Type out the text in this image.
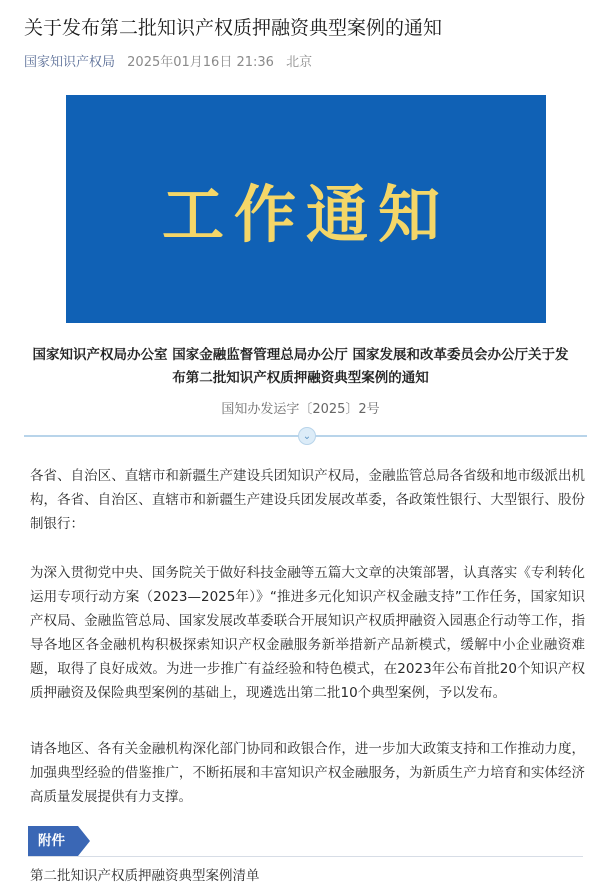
关于发布第二批知识产权质押融资典型案例的通知
国家知识产权局 2025年01月16日 21:36 北京
工作通知
国家知识产权局办公室 国家金融监督管理总局办公厅 国家发展和改革委员会办公厅关于发布第二批知识产权质押融资典型案例的通知
国知办发运字〔2025〕2号
⌄
各省、自治区、直辖市和新疆生产建设兵团知识产权局，金融监管总局各省级和地市级派出机构，各省、自治区、直辖市和新疆生产建设兵团发展改革委，各政策性银行、大型银行、股份制银行：
为深入贯彻党中央、国务院关于做好科技金融等五篇大文章的决策部署，认真落实《专利转化运用专项行动方案（2023—2025年）》“推进多元化知识产权金融支持”工作任务，国家知识产权局、金融监管总局、国家发展改革委联合开展知识产权质押融资入园惠企行动等工作，指导各地区各金融机构积极探索知识产权金融服务新举措新产品新模式，缓解中小企业融资难题，取得了良好成效。为进一步推广有益经验和特色模式，在2023年公布首批20个知识产权质押融资及保险典型案例的基础上，现遴选出第二批10个典型案例，予以发布。
请各地区、各有关金融机构深化部门协同和政银合作，进一步加大政策支持和工作推动力度，加强典型经验的借鉴推广，不断拓展和丰富知识产权金融服务，为新质生产力培育和实体经济高质量发展提供有力支撑。
附件
第二批知识产权质押融资典型案例清单
